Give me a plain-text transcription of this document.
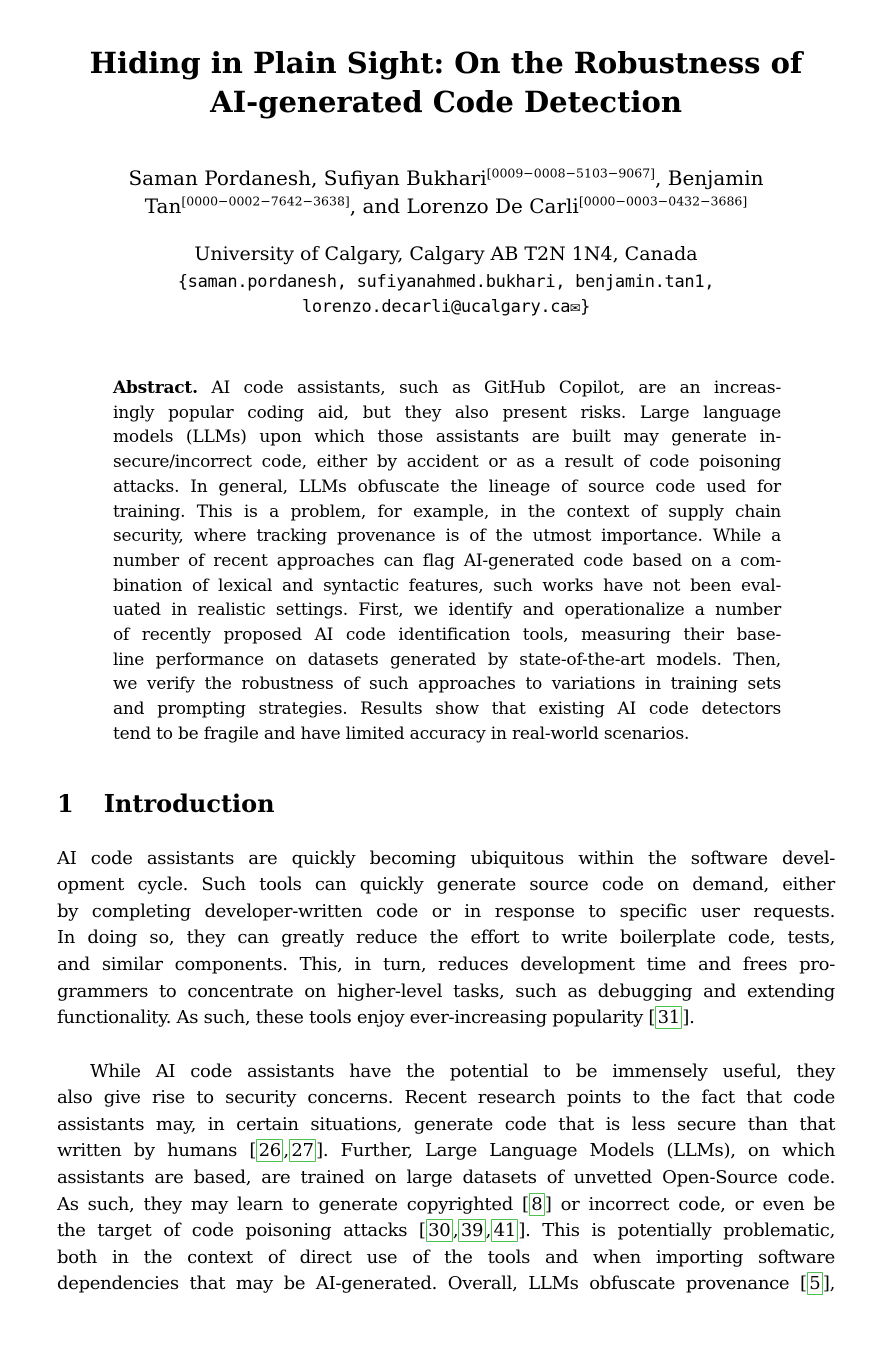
Hiding in Plain Sight: On the Robustness of
AI-generated Code Detection
Saman Pordanesh, Sufiyan Bukhari[0009−0008−5103−9067], Benjamin
Tan[0000−0002−7642−3638], and Lorenzo De Carli[0000−0003−0432−3686]
University of Calgary, Calgary AB T2N 1N4, Canada
{saman.pordanesh, sufiyanahmed.bukhari, benjamin.tan1,
lorenzo.decarli@ucalgary.ca✉}
Abstract. AI code assistants, such as GitHub Copilot, are an increas-
ingly popular coding aid, but they also present risks. Large language
models (LLMs) upon which those assistants are built may generate in-
secure/incorrect code, either by accident or as a result of code poisoning
attacks. In general, LLMs obfuscate the lineage of source code used for
training. This is a problem, for example, in the context of supply chain
security, where tracking provenance is of the utmost importance. While a
number of recent approaches can flag AI-generated code based on a com-
bination of lexical and syntactic features, such works have not been eval-
uated in realistic settings. First, we identify and operationalize a number
of recently proposed AI code identification tools, measuring their base-
line performance on datasets generated by state-of-the-art models. Then,
we verify the robustness of such approaches to variations in training sets
and prompting strategies. Results show that existing AI code detectors
tend to be fragile and have limited accuracy in real-world scenarios.
1 Introduction
AI code assistants are quickly becoming ubiquitous within the software devel-
opment cycle. Such tools can quickly generate source code on demand, either
by completing developer-written code or in response to specific user requests.
In doing so, they can greatly reduce the effort to write boilerplate code, tests,
and similar components. This, in turn, reduces development time and frees pro-
grammers to concentrate on higher-level tasks, such as debugging and extending
functionality. As such, these tools enjoy ever-increasing popularity [ 31 ].
While AI code assistants have the potential to be immensely useful, they
also give rise to security concerns. Recent research points to the fact that code
assistants may, in certain situations, generate code that is less secure than that
written by humans [ 26 , 27 ]. Further, Large Language Models (LLMs), on which
assistants are based, are trained on large datasets of unvetted Open-Source code.
As such, they may learn to generate copyrighted [ 8 ] or incorrect code, or even be
the target of code poisoning attacks [ 30 , 39 , 41 ]. This is potentially problematic,
both in the context of direct use of the tools and when importing software
dependencies that may be AI-generated. Overall, LLMs obfuscate provenance [ 5 ],
